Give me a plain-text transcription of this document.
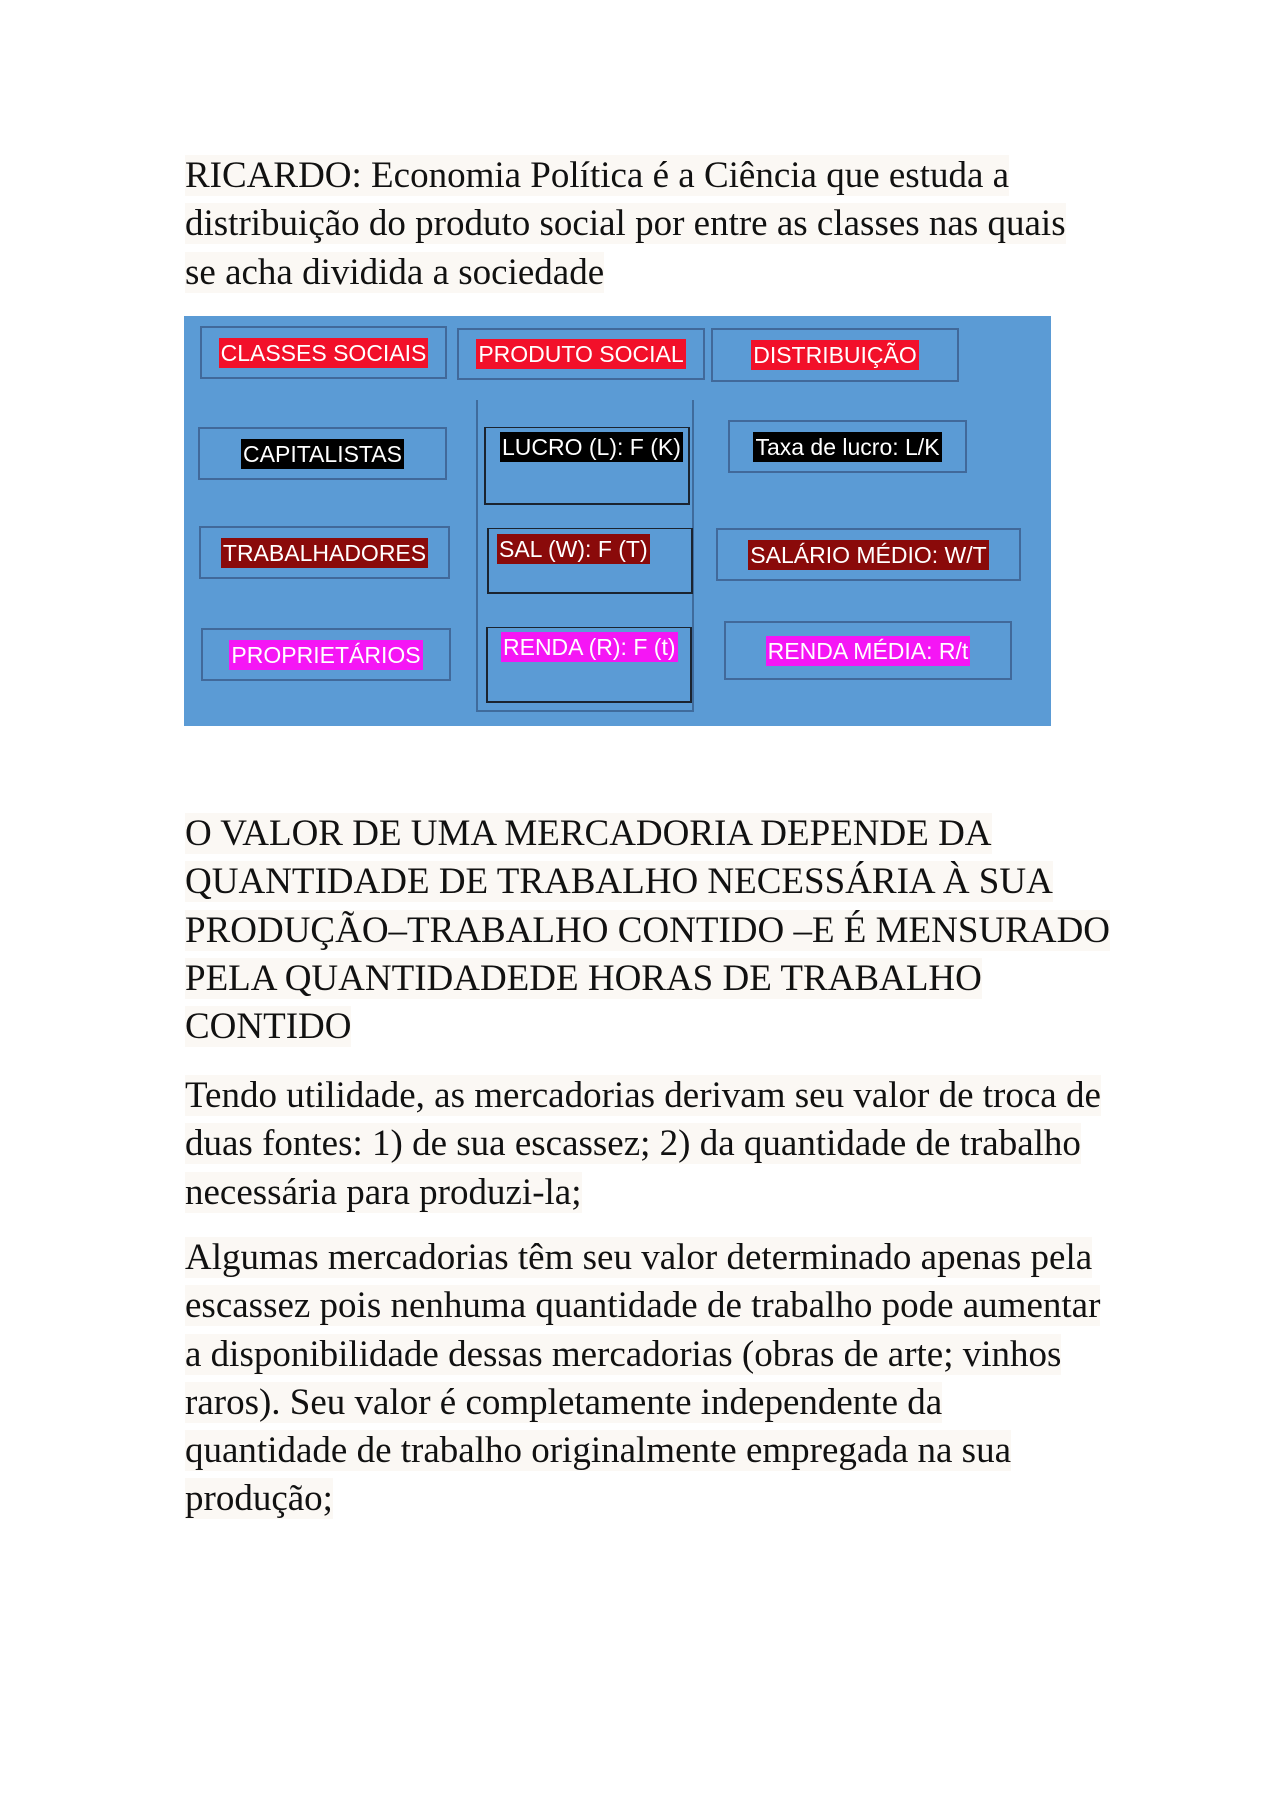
RICARDO: Economia Política é a Ciência que estuda a distribuição do produto social por entre as classes nas quais se acha dividida a sociedade

CLASSES SOCIAIS PRODUTO SOCIAL	DISTRIBUIÇÃO
CAPITALISTAS
TRABALHADORES
PROPRIETÁRIOS
LUCRO (L): F (K)
SAL (W): F (T)
RENDA (R): F (t)
Taxa de lucro: L/K
SALÁRIO MÉDIO: W/T
RENDA MÉDIA: R/t

O VALOR DE UMA MERCADORIA DEPENDE DA QUANTIDADE DE TRABALHO NECESSÁRIA À SUA PRODUÇÃO–TRABALHO CONTIDO –E É MENSURADO PELA QUANTIDADEDE HORAS DE TRABALHO CONTIDO

Tendo utilidade, as mercadorias derivam seu valor de troca de duas fontes: 1) de sua escassez; 2) da quantidade de trabalho necessária para produzi-la;

Algumas mercadorias têm seu valor determinado apenas pela escassez pois nenhuma quantidade de trabalho pode aumentar a disponibilidade dessas mercadorias (obras de arte; vinhos raros). Seu valor é completamente independente da quantidade de trabalho originalmente empregada na sua produção;
